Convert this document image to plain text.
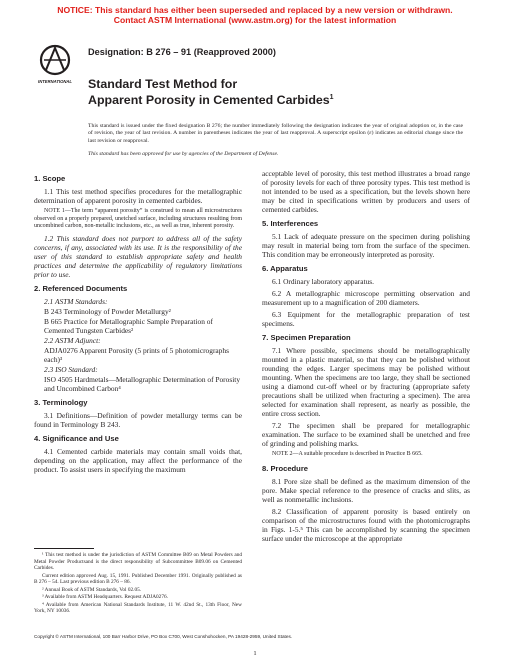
NOTICE: This standard has either been superseded and replaced by a new version or withdrawn.
Contact ASTM International (www.astm.org) for the latest information
INTERNATIONAL
Designation: B 276 – 91 (Reapproved 2000)
Standard Test Method for
Apparent Porosity in Cemented Carbides$^1$
This standard is issued under the fixed designation B 276; the number immediately following the designation indicates the year of original adoption or, in the case of revision, the year of last revision. A number in parentheses indicates the year of last reapproval. A superscript epsilon (ε) indicates an editorial change since the last revision or reapproval.
This standard has been approved for use by agencies of the Department of Defense.
1. Scope

1.1 This test method specifies procedures for the metallographic determination of apparent porosity in cemented carbides.

NOTE 1—The term “apparent porosity” is construed to mean all microstructures observed on a properly prepared, unetched surface, including structures resulting from uncombined carbon, non-metallic inclusions, etc., as well as true, inherent porosity.

1.2 This standard does not purport to address all of the safety concerns, if any, associated with its use. It is the responsibility of the user of this standard to establish appropriate safety and health practices and determine the applicability of regulatory limitations prior to use.

2. Referenced Documents

2.1 ASTM Standards:

B 243 Terminology of Powder Metallurgy²

B 665 Practice for Metallographic Sample Preparation of Cemented Tungsten Carbides²

2.2 ASTM Adjunct:

ADJA0276 Apparent Porosity (5 prints of 5 photomicrographs each)³

2.3 ISO Standard:

ISO 4505 Hardmetals—Metallographic Determination of Porosity and Uncombined Carbon⁴

3. Terminology

3.1 Definitions—Definition of powder metallurgy terms can be found in Terminology B 243.

4. Significance and Use

4.1 Cemented carbide materials may contain small voids that, depending on the application, may affect the performance of the product. To assist users in specifying the maximum

acceptable level of porosity, this test method illustrates a broad range of porosity levels for each of three porosity types. This test method is not intended to be used as a specification, but the levels shown here may be cited in specifications written by producers and users of cemented carbides.

5. Interferences

5.1 Lack of adequate pressure on the specimen during polishing may result in material being torn from the surface of the specimen. This condition may be erroneously interpreted as porosity.

6. Apparatus

6.1 Ordinary laboratory apparatus.

6.2 A metallographic microscope permitting observation and measurement up to a magnification of 200 diameters.

6.3 Equipment for the metallographic preparation of test specimens.

7. Specimen Preparation

7.1 Where possible, specimens should be metallographically mounted in a plastic material, so that they can be polished without rounding the edges. Larger specimens may be polished without mounting. When the specimens are too large, they shall be sectioned using a diamond cut-off wheel or by fracturing (appropriate safety precautions shall be utilized when fracturing a specimen). The area selected for examination shall represent, as nearly as possible, the entire cross section.

7.2 The specimen shall be prepared for metallographic examination. The surface to be examined shall be unetched and free of grinding and polishing marks.

NOTE 2—A suitable procedure is described in Practice B 665.

8. Procedure

8.1 Pore size shall be defined as the maximum dimension of the pore. Make special reference to the presence of cracks and slits, as well as nonmetallic inclusions.

8.2 Classification of apparent porosity is based entirely on comparison of the microstructures found with the photomicrographs in Figs. 1-5.⁵ This can be accomplished by scanning the specimen surface under the microscope at the appropriate

¹ This test method is under the jurisdiction of ASTM Committee B09 on Metal Powders and Metal Powder Productsand is the direct responsibility of Subcommittee B09.06 on Cemented Carbides.

Current edition approved Aug. 15, 1991. Published December 1991. Originally published as B 276 – 54. Last previous edition B 276 – 86.

² Annual Book of ASTM Standards, Vol 02.05.

³ Available from ASTM Headquarters. Request ADJA0276.

⁴ Available from American National Standards Institute, 11 W. 42nd St., 13th Floor, New York, NY 10036.

Copyright © ASTM International, 100 Barr Harbor Drive, PO Box C700, West Conshohocken, PA 19428-2959, United States.
1
